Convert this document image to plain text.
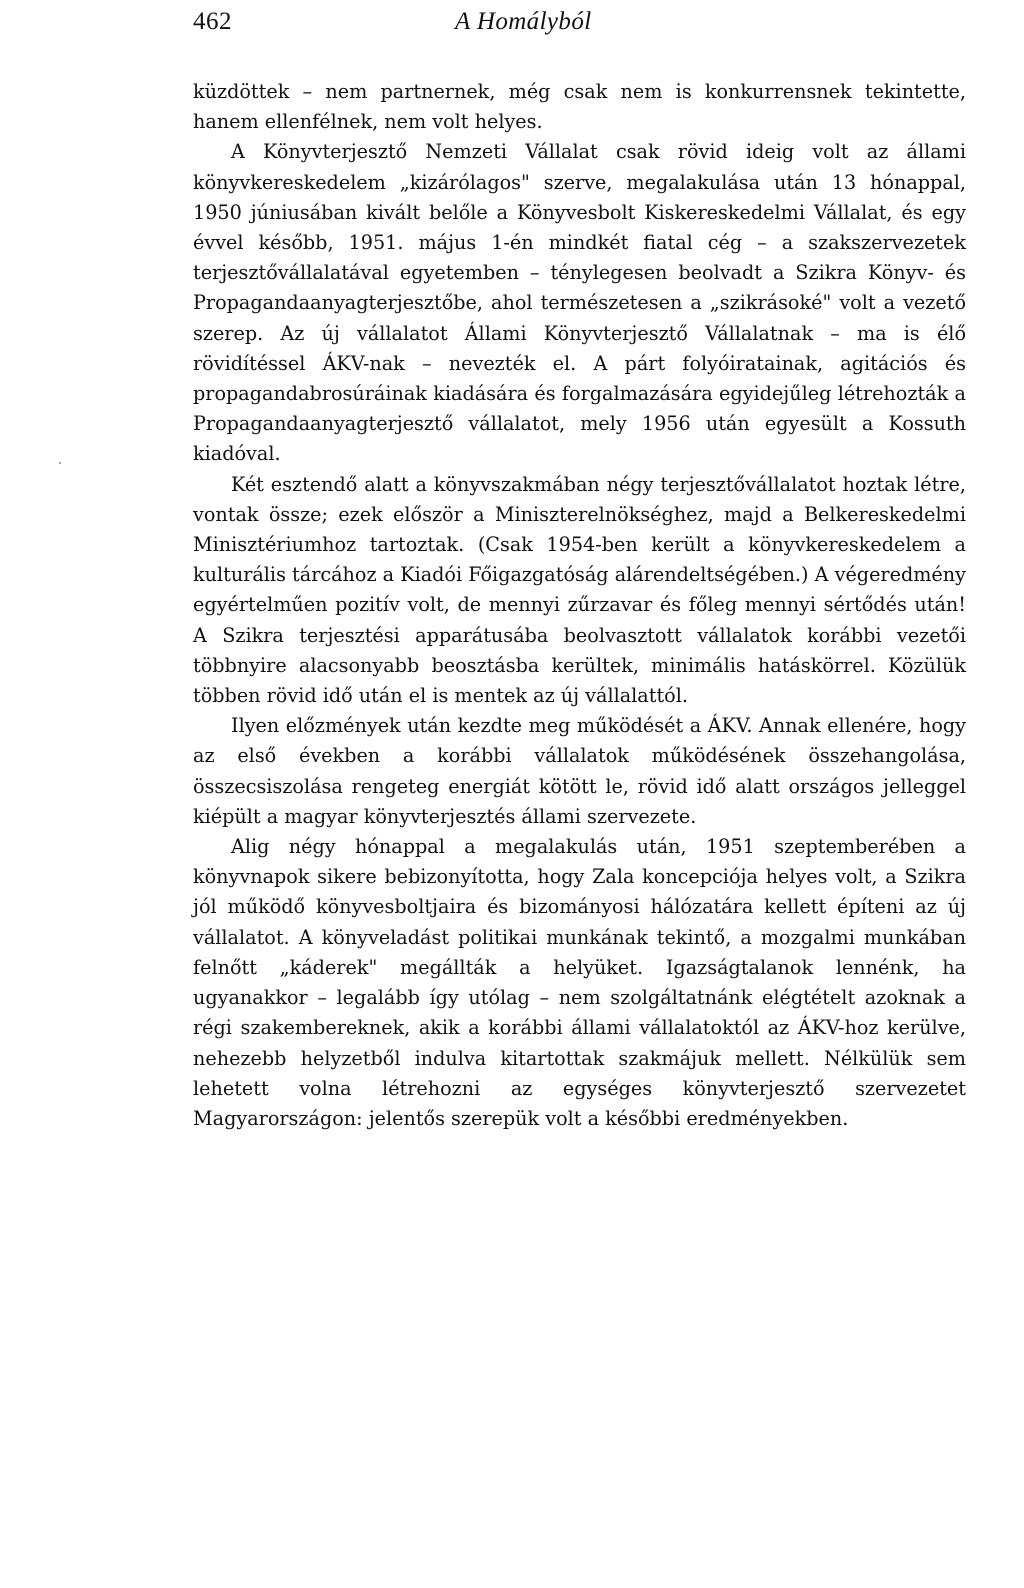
462	A Homályból

küzdöttek – nem partnernek, még csak nem is konkurrensnek tekintette, hanem ellenfélnek, nem volt helyes.

A Könyvterjesztő Nemzeti Vállalat csak rövid ideig volt az állami könyvkereskedelem „kizárólagos" szerve, megalakulása után 13 hónappal, 1950 júniusában kivált belőle a Könyvesbolt Kiskereskedelmi Vállalat, és egy évvel később, 1951. május 1-én mindkét fiatal cég – a szakszervezetek terjesztővállalatával egyetemben – ténylegesen beolvadt a Szikra Könyv- és Propagandaanyagterjesztőbe, ahol természetesen a „szikrásoké" volt a vezető szerep. Az új vállalatot Állami Könyvterjesztő Vállalatnak – ma is élő rövidítéssel ÁKV-nak – nevezték el. A párt folyóiratainak, agitációs és propagandabrosúráinak kiadására és forgalmazására egyidejűleg létrehozták a Propagandaanyagterjesztő vállalatot, mely 1956 után egyesült a Kossuth kiadóval.

Két esztendő alatt a könyvszakmában négy terjesztővállalatot hoztak létre, vontak össze; ezek először a Miniszterelnökséghez, majd a Belkereskedelmi Minisztériumhoz tartoztak. (Csak 1954-ben került a könyvkereskedelem a kulturális tárcához a Kiadói Főigazgatóság alárendeltségében.) A végeredmény egyértelműen pozitív volt, de mennyi zűrzavar és főleg mennyi sértődés után! A Szikra terjesztési apparátusába beolvasztott vállalatok korábbi vezetői többnyire alacsonyabb beosztásba kerültek, minimális hatáskörrel. Közülük többen rövid idő után el is mentek az új vállalattól.

Ilyen előzmények után kezdte meg működését a ÁKV. Annak ellenére, hogy az első években a korábbi vállalatok működésének összehangolása, összecsiszolása rengeteg energiát kötött le, rövid idő alatt országos jelleggel kiépült a magyar könyvterjesztés állami szervezete.

Alig négy hónappal a megalakulás után, 1951 szeptemberében a könyvnapok sikere bebizonyította, hogy Zala koncepciója helyes volt, a Szikra jól működő könyvesboltjaira és bizományosi hálózatára kellett építeni az új vállalatot. A könyveladást politikai munkának tekintő, a mozgalmi munkában felnőtt „káderek" megállták a helyüket. Igazságtalanok lennénk, ha ugyanakkor – legalább így utólag – nem szolgáltatnánk elégtételt azoknak a régi szakembereknek, akik a korábbi állami vállalatoktól az ÁKV-hoz kerülve, nehezebb helyzetből indulva kitartottak szakmájuk mellett. Nélkülük sem lehetett volna létrehozni az egységes könyvterjesztő szervezetet Magyarországon: jelentős szerepük volt a későbbi eredményekben.
